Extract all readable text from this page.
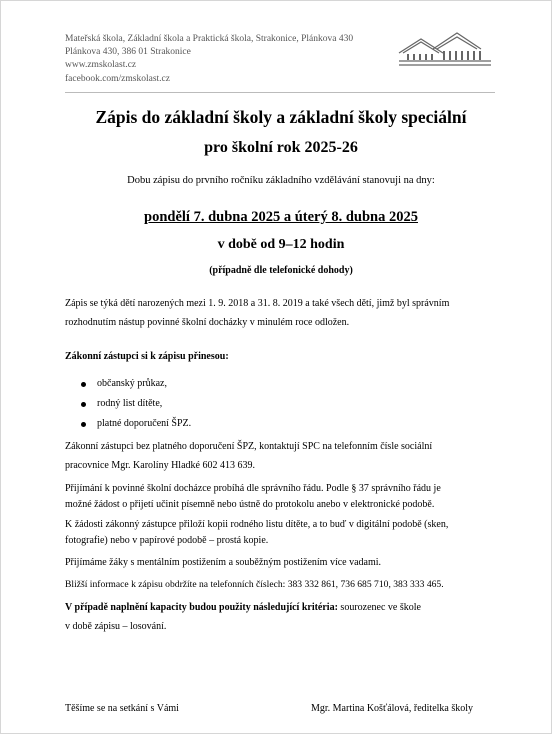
Mateřská škola, Základní škola a Praktická škola, Strakonice, Plánkova 430
Plánkova 430, 386 01 Strakonice
www.zmskolast.cz
facebook.com/zmskolast.cz
Zápis do základní školy a základní školy speciální
pro školní rok 2025-26
Dobu zápisu do prvního ročníku základního vzdělávání stanovuji na dny:
pondělí 7. dubna 2025 a úterý 8. dubna 2025
v době od 9–12 hodin
(případně dle telefonické dohody)
Zápis se týká dětí narozených mezi 1. 9. 2018 a 31. 8. 2019 a také všech dětí, jimž byl správním
rozhodnutím nástup povinné školní docházky v minulém roce odložen.
Zákonní zástupci si k zápisu přinesou:
občanský průkaz,
rodný list dítěte,
platné doporučení ŠPZ.
Zákonní zástupci bez platného doporučení ŠPZ, kontaktují SPC na telefonním čísle sociální
pracovnice Mgr. Karolíny Hladké 602 413 639.
Přijímání k povinné školní docházce probíhá dle správního řádu. Podle § 37 správního řádu je
možné žádost o přijetí učinit písemně nebo ústně do protokolu anebo v elektronické podobě.
K žádosti zákonný zástupce přiloží kopii rodného listu dítěte, a to buď v digitální podobě (sken,
fotografie) nebo v papírové podobě – prostá kopie.
Přijímáme žáky s mentálním postižením a souběžným postižením více vadami.
Bližší informace k zápisu obdržíte na telefonních číslech: 383 332 861, 736 685 710, 383 333 465.
V případě naplnění kapacity budou použity následující kritéria: sourozenec ve škole
v době zápisu – losování.
Těšíme se na setkání s Vámi	Mgr. Martina Košťálová, ředitelka školy
